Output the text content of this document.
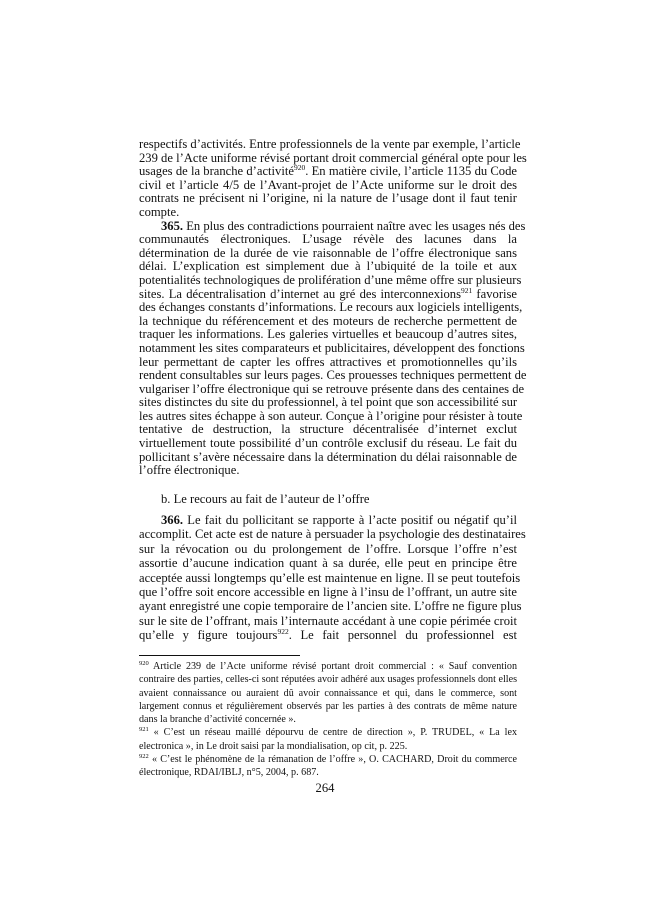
respectifs d’activités. Entre professionnels de la vente par exemple, l’article
239 de l’Acte uniforme révisé portant droit commercial général opte pour les
usages de la branche d’activité$^{920}$. En matière civile, l’article 1135 du Code
civil et l’article 4/5 de l’Avant-projet de l’Acte uniforme sur le droit des
contrats ne précisent ni l’origine, ni la nature de l’usage dont il faut tenir
compte.
365. En plus des contradictions pourraient naître avec les usages nés des
communautés électroniques. L’usage révèle des lacunes dans la
détermination de la durée de vie raisonnable de l’offre électronique sans
délai. L’explication est simplement due à l’ubiquité de la toile et aux
potentialités technologiques de prolifération d’une même offre sur plusieurs
sites. La décentralisation d’internet au gré des interconnexions$^{921}$ favorise
des échanges constants d’informations. Le recours aux logiciels intelligents,
la technique du référencement et des moteurs de recherche permettent de
traquer les informations. Les galeries virtuelles et beaucoup d’autres sites,
notamment les sites comparateurs et publicitaires, développent des fonctions
leur permettant de capter les offres attractives et promotionnelles qu’ils
rendent consultables sur leurs pages. Ces prouesses techniques permettent de
vulgariser l’offre électronique qui se retrouve présente dans des centaines de
sites distinctes du site du professionnel, à tel point que son accessibilité sur
les autres sites échappe à son auteur. Conçue à l’origine pour résister à toute
tentative de destruction, la structure décentralisée d’internet exclut
virtuellement toute possibilité d’un contrôle exclusif du réseau. Le fait du
pollicitant s’avère nécessaire dans la détermination du délai raisonnable de
l’offre électronique.
b. Le recours au fait de l’auteur de l’offre
366. Le fait du pollicitant se rapporte à l’acte positif ou négatif qu’il
accomplit. Cet acte est de nature à persuader la psychologie des destinataires
sur la révocation ou du prolongement de l’offre. Lorsque l’offre n’est
assortie d’aucune indication quant à sa durée, elle peut en principe être
acceptée aussi longtemps qu’elle est maintenue en ligne. Il se peut toutefois
que l’offre soit encore accessible en ligne à l’insu de l’offrant, un autre site
ayant enregistré une copie temporaire de l’ancien site. L’offre ne figure plus
sur le site de l’offrant, mais l’internaute accédant à une copie périmée croit
qu’elle y figure toujours$^{922}$. Le fait personnel du professionnel est
$^{920}$ Article 239 de l’Acte uniforme révisé portant droit commercial : « Sauf convention
contraire des parties, celles-ci sont réputées avoir adhéré aux usages professionnels dont elles
avaient connaissance ou auraient dû avoir connaissance et qui, dans le commerce, sont
largement connus et régulièrement observés par les parties à des contrats de même nature
dans la branche d’activité concernée ».
$^{921}$ « C’est un réseau maillé dépourvu de centre de direction », P. TRUDEL, « La lex
electronica », in Le droit saisi par la mondialisation, op cit, p. 225.
$^{922}$ « C’est le phénomène de la rémanation de l’offre », O. CACHARD, Droit du commerce
électronique, RDAI/IBLJ, n°5, 2004, p. 687.
264
